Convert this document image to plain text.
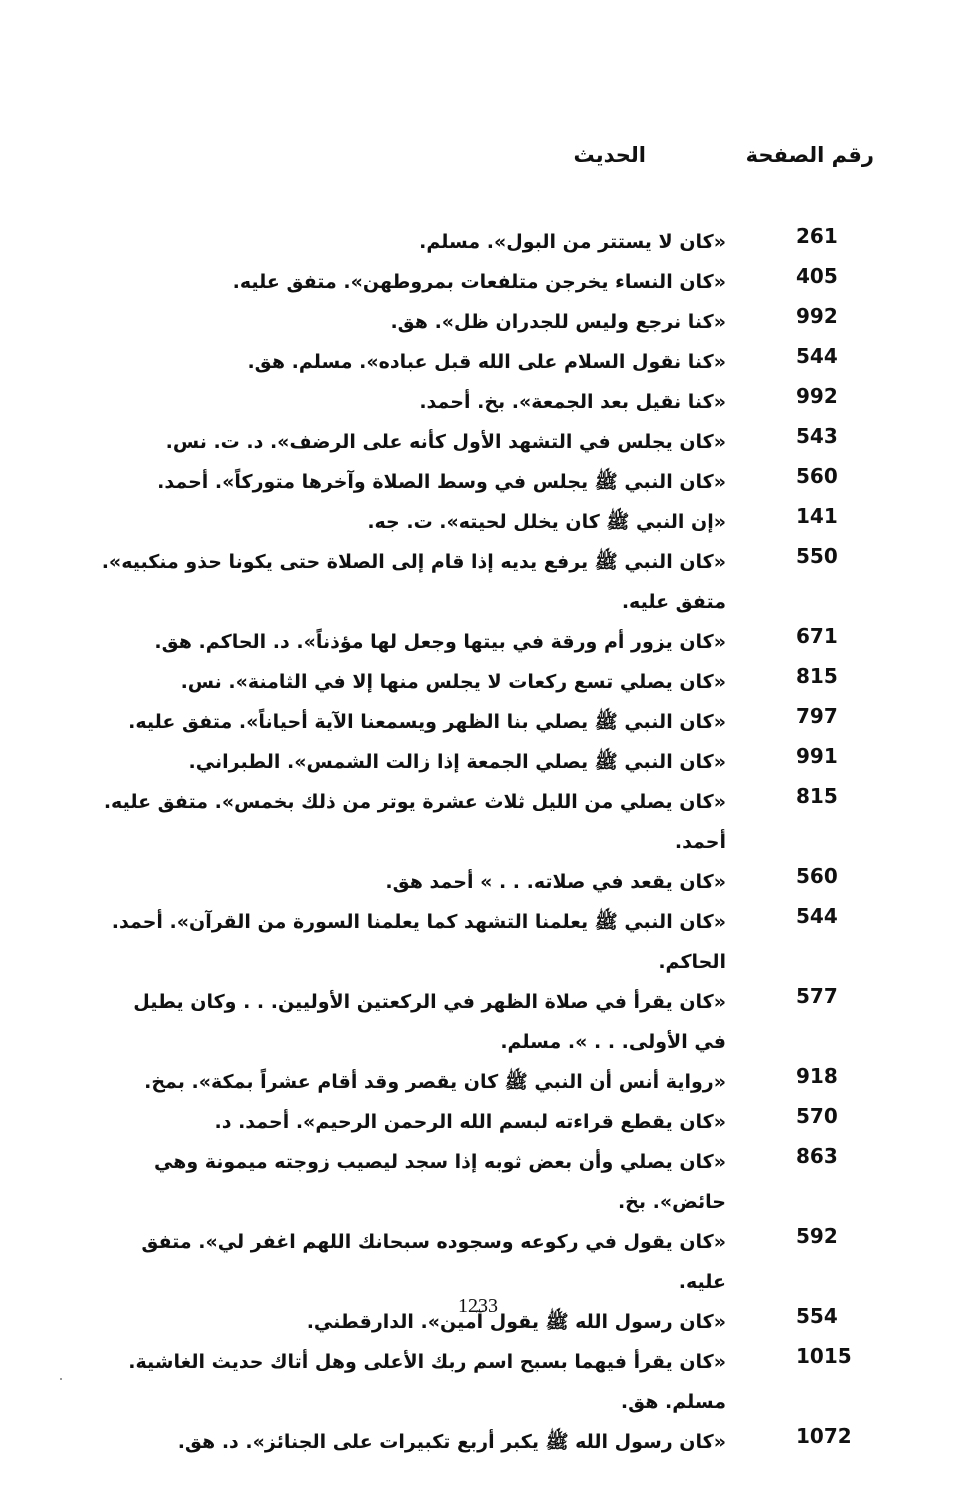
رقم الصفحة
الحديث
261
«كان لا يستتر من البول». مسلم.
405
«كان النساء يخرجن متلفعات بمروطهن». متفق عليه.
992
«كنا نرجع وليس للجدران ظل». هق.
544
«كنا نقول السلام على الله قبل عباده». مسلم. هق.
992
«كنا نقيل بعد الجمعة». بخ. أحمد.
543
«كان يجلس في التشهد الأول كأنه على الرضف». د. ت. نس.
560
«كان النبي ﷺ يجلس في وسط الصلاة وآخرها متوركاً». أحمد.
141
«إن النبي ﷺ كان يخلل لحيته». ت. جه.
550
«كان النبي ﷺ يرفع يديه إذا قام إلى الصلاة حتى يكونا حذو منكبيه». متفق عليه.
671
«كان يزور أم ورقة في بيتها وجعل لها مؤذناً». د. الحاكم. هق.
815
«كان يصلي تسع ركعات لا يجلس منها إلا في الثامنة». نس.
797
«كان النبي ﷺ يصلي بنا الظهر ويسمعنا الآية أحياناً». متفق عليه.
991
«كان النبي ﷺ يصلي الجمعة إذا زالت الشمس». الطبراني.
815
«كان يصلي من الليل ثلاث عشرة يوتر من ذلك بخمس». متفق عليه. أحمد.
560
«كان يقعد في صلاته. . . » أحمد هق.
544
«كان النبي ﷺ يعلمنا التشهد كما يعلمنا السورة من القرآن». أحمد. الحاكم.
577
«كان يقرأ في صلاة الظهر في الركعتين الأوليين. . . وكان يطيل في الأولى. . . ». مسلم.
918
«رواية أنس أن النبي ﷺ كان يقصر وقد أقام عشراً بمكة». بمخ.
570
«كان يقطع قراءته لبسم الله الرحمن الرحيم». أحمد. د.
863
«كان يصلي وأن بعض ثوبه إذا سجد ليصيب زوجته ميمونة وهي حائض». بخ.
592
«كان يقول في ركوعه وسجوده سبحانك اللهم اغفر لي». متفق عليه.
554
«كان رسول الله ﷺ يقول آمين». الدارقطني.
1015
«كان يقرأ فيهما بسبح اسم ربك الأعلى وهل أتاك حديث الغاشية. مسلم. هق.
1072
«كان رسول الله ﷺ يكبر أربع تكبيرات على الجنائز». د. هق.
1233
